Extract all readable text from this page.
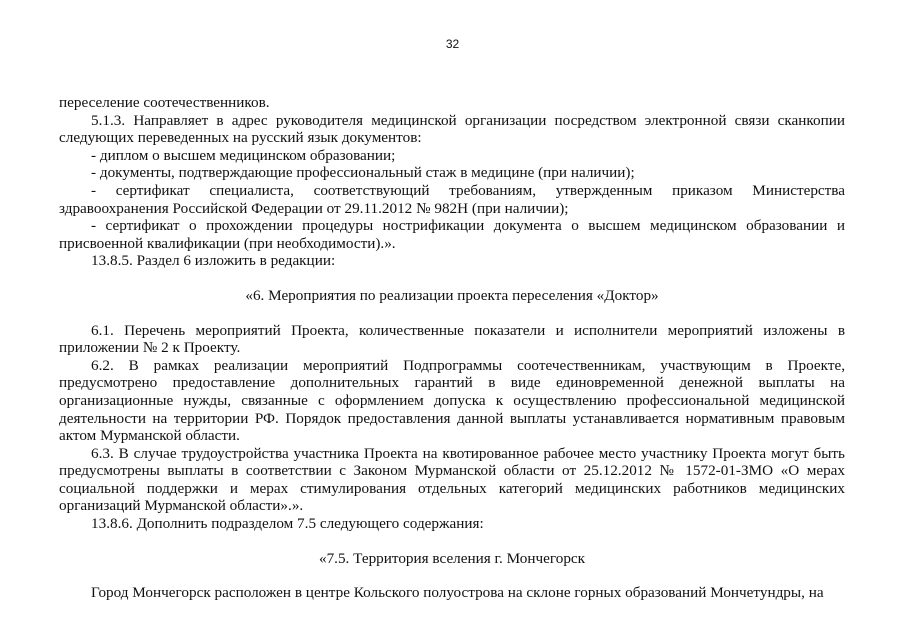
32

переселение соотечественников.

5.1.3. Направляет в адрес руководителя медицинской организации посредством электронной связи сканкопии следующих переведенных на русский язык документов:

- диплом о высшем медицинском образовании;

- документы, подтверждающие профессиональный стаж в медицине (при наличии);

- сертификат специалиста, соответствующий требованиям, утвержденным приказом Министерства здравоохранения Российской Федерации от 29.11.2012 № 982Н (при наличии);

- сертификат о прохождении процедуры нострификации документа о высшем медицинском образовании и присвоенной квалификации (при необходимости).».

13.8.5. Раздел 6 изложить в редакции:

«6. Мероприятия по реализации проекта переселения «Доктор»

6.1. Перечень мероприятий Проекта, количественные показатели и исполнители мероприятий изложены в приложении № 2 к Проекту.

6.2. В рамках реализации мероприятий Подпрограммы соотечественникам, участвующим в Проекте, предусмотрено предоставление дополнительных гарантий в виде единовременной денежной выплаты на организационные нужды, связанные с оформлением допуска к осуществлению профессиональной медицинской деятельности на территории РФ. Порядок предоставления данной выплаты устанавливается нормативным правовым актом Мурманской области.

6.3. В случае трудоустройства участника Проекта на квотированное рабочее место участнику Проекта могут быть предусмотрены выплаты в соответствии с Законом Мурманской области от 25.12.2012 № 1572-01-ЗМО «О мерах социальной поддержки и мерах стимулирования отдельных категорий медицинских работников медицинских организаций Мурманской области».».

13.8.6. Дополнить подразделом 7.5 следующего содержания:

«7.5. Территория вселения г. Мончегорск

Город Мончегорск расположен в центре Кольского полуострова на склоне горных образований Мончетундры, на
